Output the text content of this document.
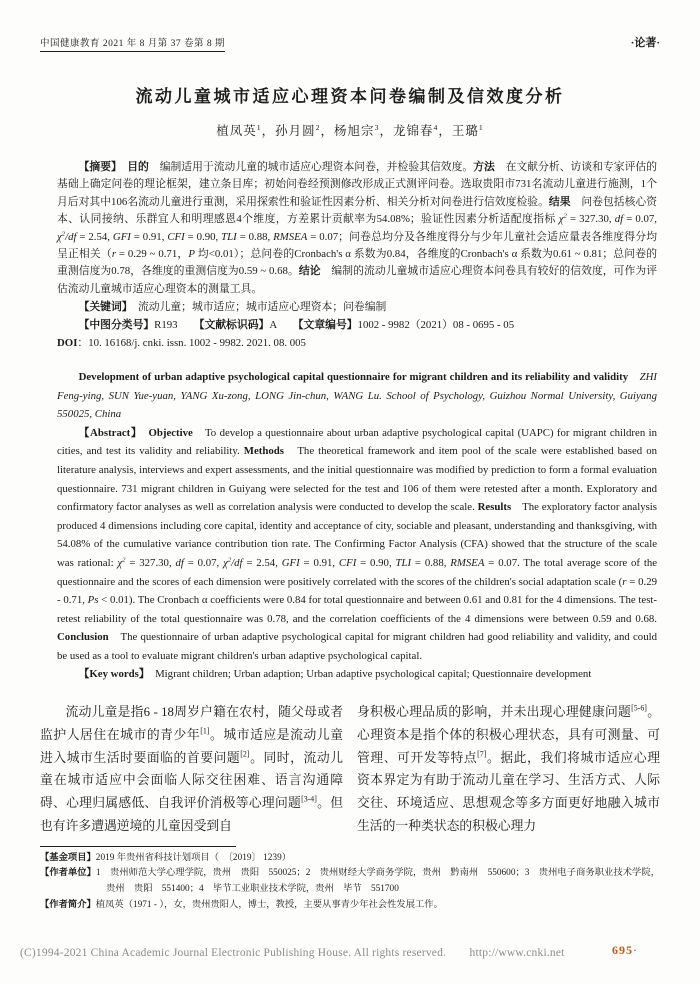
中国健康教育 2021 年 8 月第 37 卷第 8 期	·论著·
流动儿童城市适应心理资本问卷编制及信效度分析
植凤英$^1$，孙月圆$^2$，杨旭宗$^3$，龙锦春$^4$，王璐$^1$

【摘要】　目的　编制适用于流动儿童的城市适应心理资本问卷，并检验其信效度。方法　在文献分析、访谈和专家评估的基础上确定问卷的理论框架，建立条目库；初始问卷经预测修改形成正式测评问卷。选取贵阳市731名流动儿童进行施测，1个月后对其中106名流动儿童进行重测，采用探索性和验证性因素分析、相关分析对问卷进行信效度检验。结果　问卷包括核心资本、认同接纳、乐群宜人和明理感恩4个维度，方差累计贡献率为54.08%；验证性因素分析适配度指标 $\chi^2 = 327.30$, df = 0.07, $\chi^2/df = 2.54$, GFI = 0.91, CFI = 0.90, TLI = 0.88, RMSEA = 0.07；问卷总均分及各维度得分与少年儿童社会适应量表各维度得分均呈正相关（r = 0.29 ~ 0.71，P 均<0.01）；总问卷的Cronbach's α 系数为0.84，各维度的Cronbach's α 系数为0.61 ~ 0.81；总问卷的重测信度为0.78，各维度的重测信度为0.59 ~ 0.68。结论　编制的流动儿童城市适应心理资本问卷具有较好的信效度，可作为评估流动儿童城市适应心理资本的测量工具。

【关键词】　流动儿童；城市适应；城市适应心理资本；问卷编制

【中图分类号】R193　　【文献标识码】A　　【文章编号】1002 - 9982（2021）08 - 0695 - 05

DOI：10. 16168/j. cnki. issn. 1002 - 9982. 2021. 08. 005

Development of urban adaptive psychological capital questionnaire for migrant children and its reliability and validity　 ZHI Feng-ying, SUN Yue-yuan, YANG Xu-zong, LONG Jin-chun, WANG Lu. School of Psychology, Guizhou Normal University, Guiyang 550025, China

【Abstract】　Objective　To develop a questionnaire about urban adaptive psychological capital (UAPC) for migrant children in cities, and test its validity and reliability. Methods　The theoretical framework and item pool of the scale were established based on literature analysis, interviews and expert assessments, and the initial questionnaire was modified by prediction to form a formal evaluation questionnaire. 731 migrant children in Guiyang were selected for the test and 106 of them were retested after a month. Exploratory and confirmatory factor analyses as well as correlation analysis were conducted to develop the scale. Results　The exploratory factor analysis produced 4 dimensions including core capital, identity and acceptance of city, sociable and pleasant, understanding and thanksgiving, with 54.08% of the cumulative variance contribution tion rate. The Confirming Factor Analysis (CFA) showed that the structure of the scale was rational: $\chi^2 = 327.30$, df = 0.07, $\chi^2/df = 2.54$, GFI = 0.91, CFI = 0.90, TLI = 0.88, RMSEA = 0.07. The total average score of the questionnaire and the scores of each dimension were positively correlated with the scores of the children's social adaptation scale (r = 0.29 - 0.71, Ps < 0.01). The Cronbach α coefficients were 0.84 for total questionnaire and between 0.61 and 0.81 for the 4 dimensions. The test-retest reliability of the total questionnaire was 0.78, and the correlation coefficients of the 4 dimensions were between 0.59 and 0.68. Conclusion　The questionnaire of urban adaptive psychological capital for migrant children had good reliability and validity, and could be used as a tool to evaluate migrant children's urban adaptive psychological capital.

【Key words】　Migrant children; Urban adaption; Urban adaptive psychological capital; Questionnaire development

流动儿童是指6 - 18周岁户籍在农村，随父母或者监护人居住在城市的青少年[1]。城市适应是流动儿童进入城市生活时要面临的首要问题[2]。同时，流动儿童在城市适应中会面临人际交往困难、语言沟通障碍、心理归属感低、自我评价消极等心理问题[3-4]。但也有许多遭遇逆境的儿童因受到自

身积极心理品质的影响，并未出现心理健康问题[5-6]。心理资本是指个体的积极心理状态，具有可测量、可管理、可开发等特点[7]。据此，我们将城市适应心理资本界定为有助于流动儿童在学习、生活方式、人际交往、环境适应、思想观念等多方面更好地融入城市生活的一种类状态的积极心理力

【基金项目】2019 年贵州省科技计划项目（　〔2019〕 1239）

【作者单位】1　贵州师范大学心理学院，贵州　贵阳　550025；2　贵州财经大学商务学院，贵州　黔南州　550600；3　贵州电子商务职业技术学院，贵州　贵阳　551400；4　毕节工业职业技术学院，贵州　毕节　551700

【作者简介】植凤英（1971 - ），女，贵州贵阳人，博士，教授，主要从事青少年社会性发展工作。

(C)1994-2021 China Academic Journal Electronic Publishing House. All rights reserved.　　http://www.cnki.net	695·
